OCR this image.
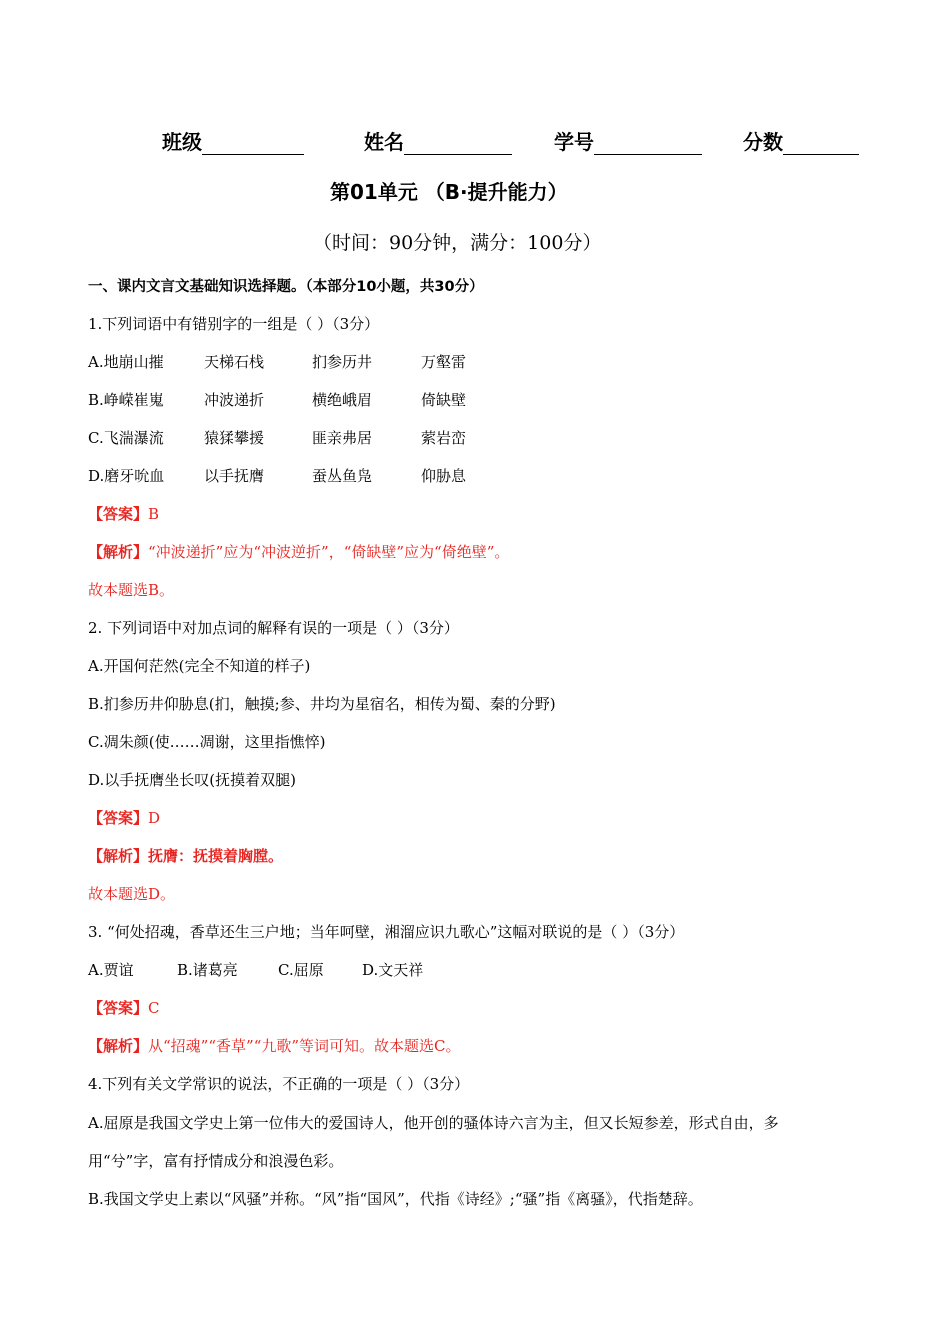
班级	姓名	学号	分数
第01单元 （B·提升能力）
（时间：90分钟，满分：100分）
一、课内文言文基础知识选择题。（本部分10小题，共30分）
1.下列词语中有错别字的一组是（ ）（3分）
A.地崩山摧	天梯石栈	扪参历井	万壑雷
B.峥嵘崔嵬	冲波递折	横绝峨眉	倚缺壁
C.飞湍瀑流	猿猱攀援	匪亲弗居	萦岩峦
D.磨牙吮血	以手抚膺	蚕丛鱼凫	仰胁息
【答案】B
【解析】“冲波递折”应为“冲波逆折”，“倚缺壁”应为“倚绝壁”。
故本题选B。
2. 下列词语中对加点词的解释有误的一项是（ ）（3分）
A.开国何茫然(完全不知道的样子)
B.扪参历井仰胁息(扪，触摸;参、井均为星宿名，相传为蜀、秦的分野)
C.凋朱颜(使……凋谢，这里指憔悴)
D.以手抚膺坐长叹(抚摸着双腿)
【答案】D
【解析】抚膺：抚摸着胸膛。
故本题选D。
3. “何处招魂，香草还生三户地；当年呵壁，湘溜应识九歌心”这幅对联说的是（ ）（3分）
A.贾谊	B.诸葛亮	C.屈原	D.文天祥
【答案】C
【解析】从“招魂”“香草”“九歌”等词可知。故本题选C。
4.下列有关文学常识的说法，不正确的一项是（ ）（3分）
A.屈原是我国文学史上第一位伟大的爱国诗人，他开创的骚体诗六言为主，但又长短参差，形式自由，多
用“兮”字，富有抒情成分和浪漫色彩。
B.我国文学史上素以“风骚”并称。“风”指“国风”，代指《诗经》;“骚”指《离骚》，代指楚辞。
